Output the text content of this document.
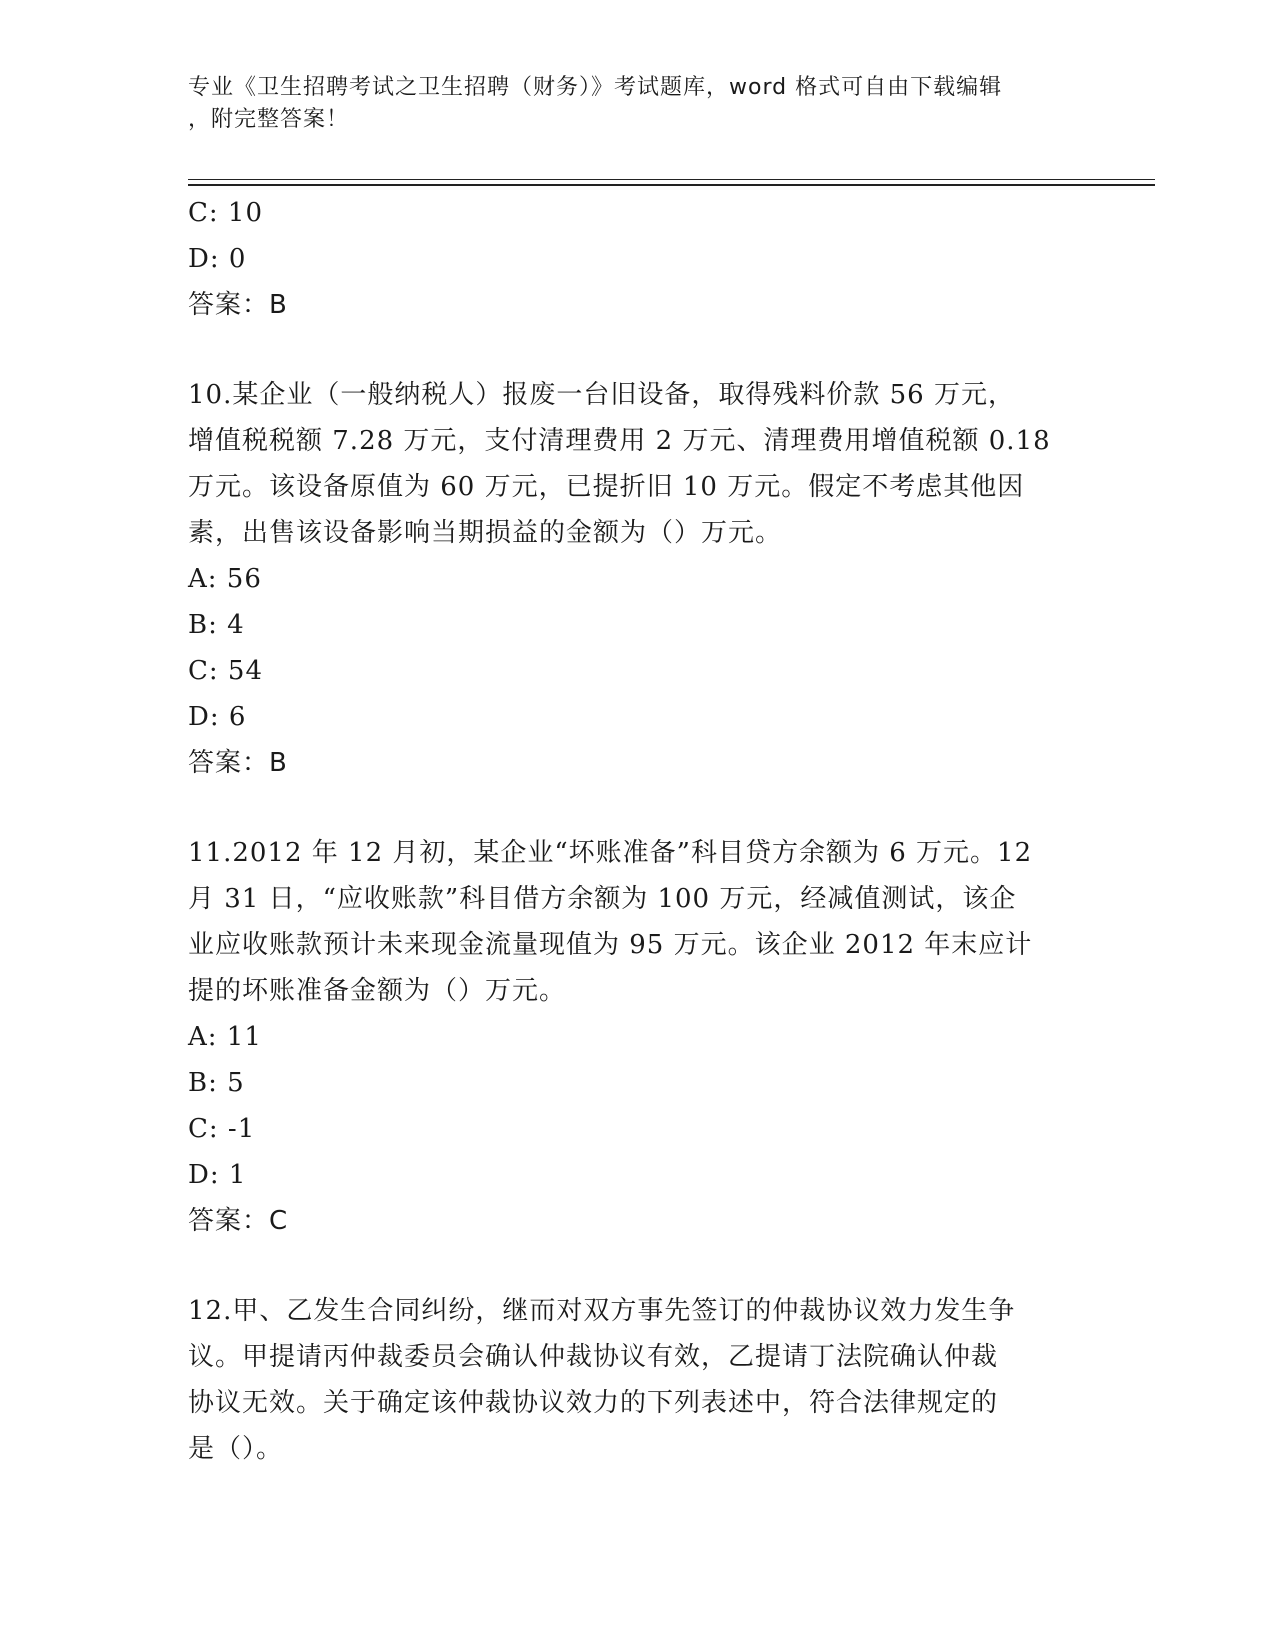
专业《卫生招聘考试之卫生招聘（财务）》考试题库，word 格式可自由下载编辑
，附完整答案！
C: 10
D: 0
答案：B
10.某企业（一般纳税人）报废一台旧设备，取得残料价款 56 万元，
增值税税额 7.28 万元，支付清理费用 2 万元、清理费用增值税额 0.18
万元。该设备原值为 60 万元，已提折旧 10 万元。假定不考虑其他因
素，出售该设备影响当期损益的金额为（）万元。
A: 56
B: 4
C: 54
D: 6
答案：B
11.2012 年 12 月初，某企业“坏账准备”科目贷方余额为 6 万元。12
月 31 日，“应收账款”科目借方余额为 100 万元，经减值测试，该企
业应收账款预计未来现金流量现值为 95 万元。该企业 2012 年末应计
提的坏账准备金额为（）万元。
A: 11
B: 5
C: -1
D: 1
答案：C
12.甲、乙发生合同纠纷，继而对双方事先签订的仲裁协议效力发生争
议。甲提请丙仲裁委员会确认仲裁协议有效，乙提请丁法院确认仲裁
协议无效。关于确定该仲裁协议效力的下列表述中，符合法律规定的
是（）。
